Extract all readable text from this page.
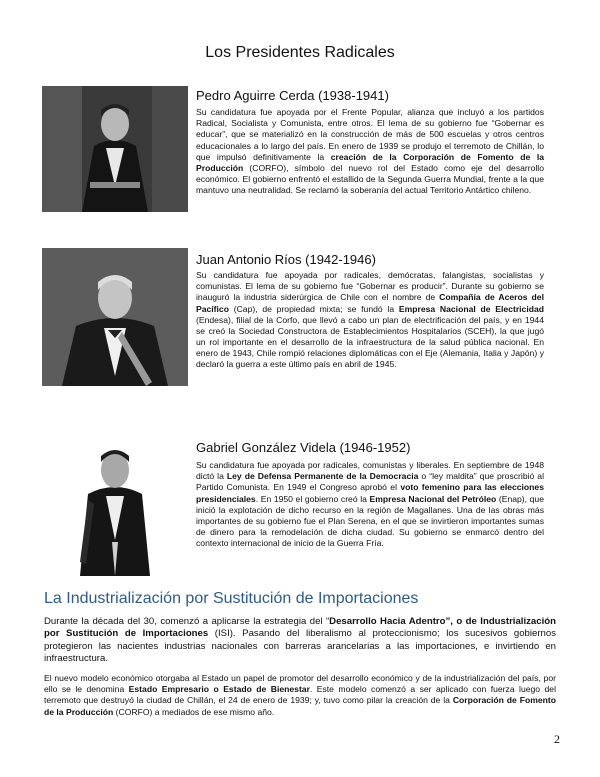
Los Presidentes Radicales
Pedro Aguirre Cerda (1938-1941)

Su candidatura fue apoyada por el Frente Popular, alianza que incluyó a los partidos Radical, Socialista y Comunista, entre otros. El lema de su gobierno fue “Gobernar es educar”, que se materializó en la construcción de más de 500 escuelas y otros centros educacionales a lo largo del país. En enero de 1939 se produjo el terremoto de Chillán, lo que impulsó definitivamente la creación de la Corporación de Fomento de la Producción (CORFO), símbolo del nuevo rol del Estado como eje del desarrollo económico. El gobierno enfrentó el estallido de la Segunda Guerra Mundial, frente a la que mantuvo una neutralidad. Se reclamó la soberanía del actual Territorio Antártico chileno.

Juan Antonio Ríos (1942-1946)

Su candidatura fue apoyada por radicales, demócratas, falangistas, socialistas y comunistas. El lema de su gobierno fue “Gobernar es producir”. Durante su gobierno se inauguró la industria siderúrgica de Chile con el nombre de Compañía de Aceros del Pacífico (Cap), de propiedad mixta; se fundó la Empresa Nacional de Electricidad (Endesa), filial de la Corfo, que llevó a cabo un plan de electrificación del país, y en 1944 se creó la Sociedad Constructora de Establecimientos Hospitalarios (SCEH), la que jugó un rol importante en el desarrollo de la infraestructura de la salud pública nacional. En enero de 1943, Chile rompió relaciones diplomáticas con el Eje (Alemania, Italia y Japón) y declaró la guerra a este último país en abril de 1945.

Gabriel González Videla (1946-1952)

Su candidatura fue apoyada por radicales, comunistas y liberales. En septiembre de 1948 dictó la Ley de Defensa Permanente de la Democracia o “ley maldita” que proscribió al Partido Comunista. En 1949 el Congreso aprobó el voto femenino para las elecciones presidenciales. En 1950 el gobierno creó la Empresa Nacional del Petróleo (Enap), que inició la explotación de dicho recurso en la región de Magallanes. Una de las obras más importantes de su gobierno fue el Plan Serena, en el que se invirtieron importantes sumas de dinero para la remodelación de dicha ciudad. Su gobierno se enmarcó dentro del contexto internacional de inicio de la Guerra Fría.

La Industrialización por Sustitución de Importaciones

Durante la década del 30, comenzó a aplicarse la estrategia del “Desarrollo Hacia Adentro”, o de Industrialización por Sustitución de Importaciones (ISI). Pasando del liberalismo al proteccionismo; los sucesivos gobiernos protegieron las nacientes industrias nacionales con barreras arancelarias a las importaciones, e invirtiendo en infraestructura.

El nuevo modelo económico otorgaba al Estado un papel de promotor del desarrollo económico y de la industrialización del país, por ello se le denomina Estado Empresario o Estado de Bienestar. Este modelo comenzó a ser aplicado con fuerza luego del terremoto que destruyó la ciudad de Chillán, el 24 de enero de 1939; y, tuvo como pilar la creación de la Corporación de Fomento de la Producción (CORFO) a mediados de ese mismo año.

2
